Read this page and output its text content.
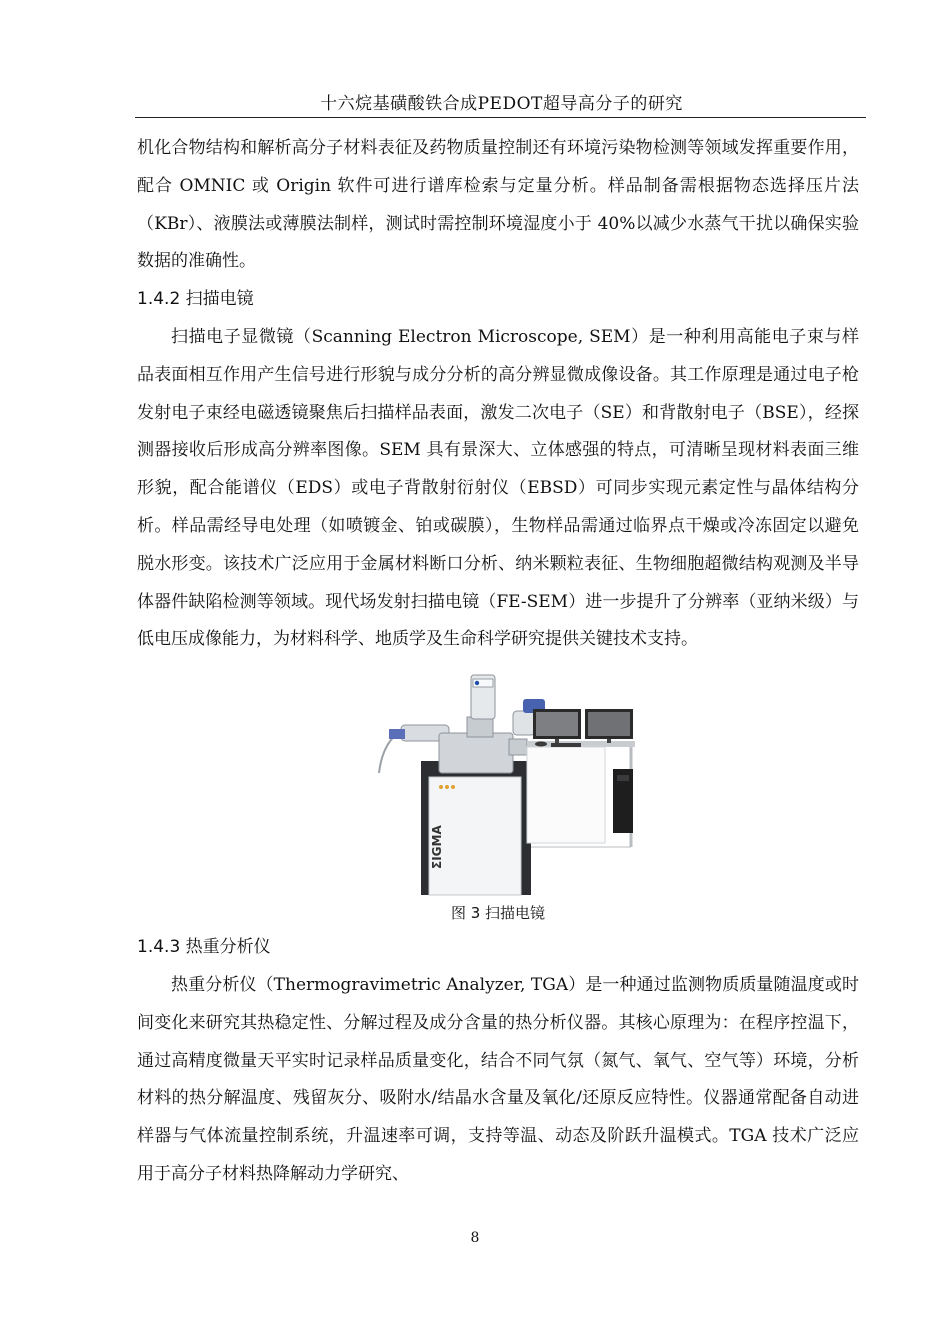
十六烷基磺酸铁合成PEDOT超导高分子的研究

机化合物结构和解析高分子材料表征及药物质量控制还有环境污染物检测等领域发挥重要作用，配合 OMNIC 或 Origin 软件可进行谱库检索与定量分析。样品制备需根据物态选择压片法（KBr）、液膜法或薄膜法制样，测试时需控制环境湿度小于 40%以减少水蒸气干扰以确保实验数据的准确性。

1.4.2 扫描电镜

扫描电子显微镜（Scanning Electron Microscope, SEM）是一种利用高能电子束与样品表面相互作用产生信号进行形貌与成分分析的高分辨显微成像设备。其工作原理是通过电子枪发射电子束经电磁透镜聚焦后扫描样品表面，激发二次电子（SE）和背散射电子（BSE），经探测器接收后形成高分辨率图像。SEM 具有景深大、立体感强的特点，可清晰呈现材料表面三维形貌，配合能谱仪（EDS）或电子背散射衍射仪（EBSD）可同步实现元素定性与晶体结构分析。样品需经导电处理（如喷镀金、铂或碳膜），生物样品需通过临界点干燥或冷冻固定以避免脱水形变。该技术广泛应用于金属材料断口分析、纳米颗粒表征、生物细胞超微结构观测及半导体器件缺陷检测等领域。现代场发射扫描电镜（FE-SEM）进一步提升了分辨率（亚纳米级）与低电压成像能力，为材料科学、地质学及生命科学研究提供关键技术支持。

ΣIGMA
图 3 扫描电镜
1.4.3 热重分析仪

热重分析仪（Thermogravimetric Analyzer, TGA）是一种通过监测物质质量随温度或时间变化来研究其热稳定性、分解过程及成分含量的热分析仪器。其核心原理为：在程序控温下，通过高精度微量天平实时记录样品质量变化，结合不同气氛（氮气、氧气、空气等）环境，分析材料的热分解温度、残留灰分、吸附水/结晶水含量及氧化/还原反应特性。仪器通常配备自动进样器与气体流量控制系统，升温速率可调，支持等温、动态及阶跃升温模式。TGA 技术广泛应用于高分子材料热降解动力学研究、

8
